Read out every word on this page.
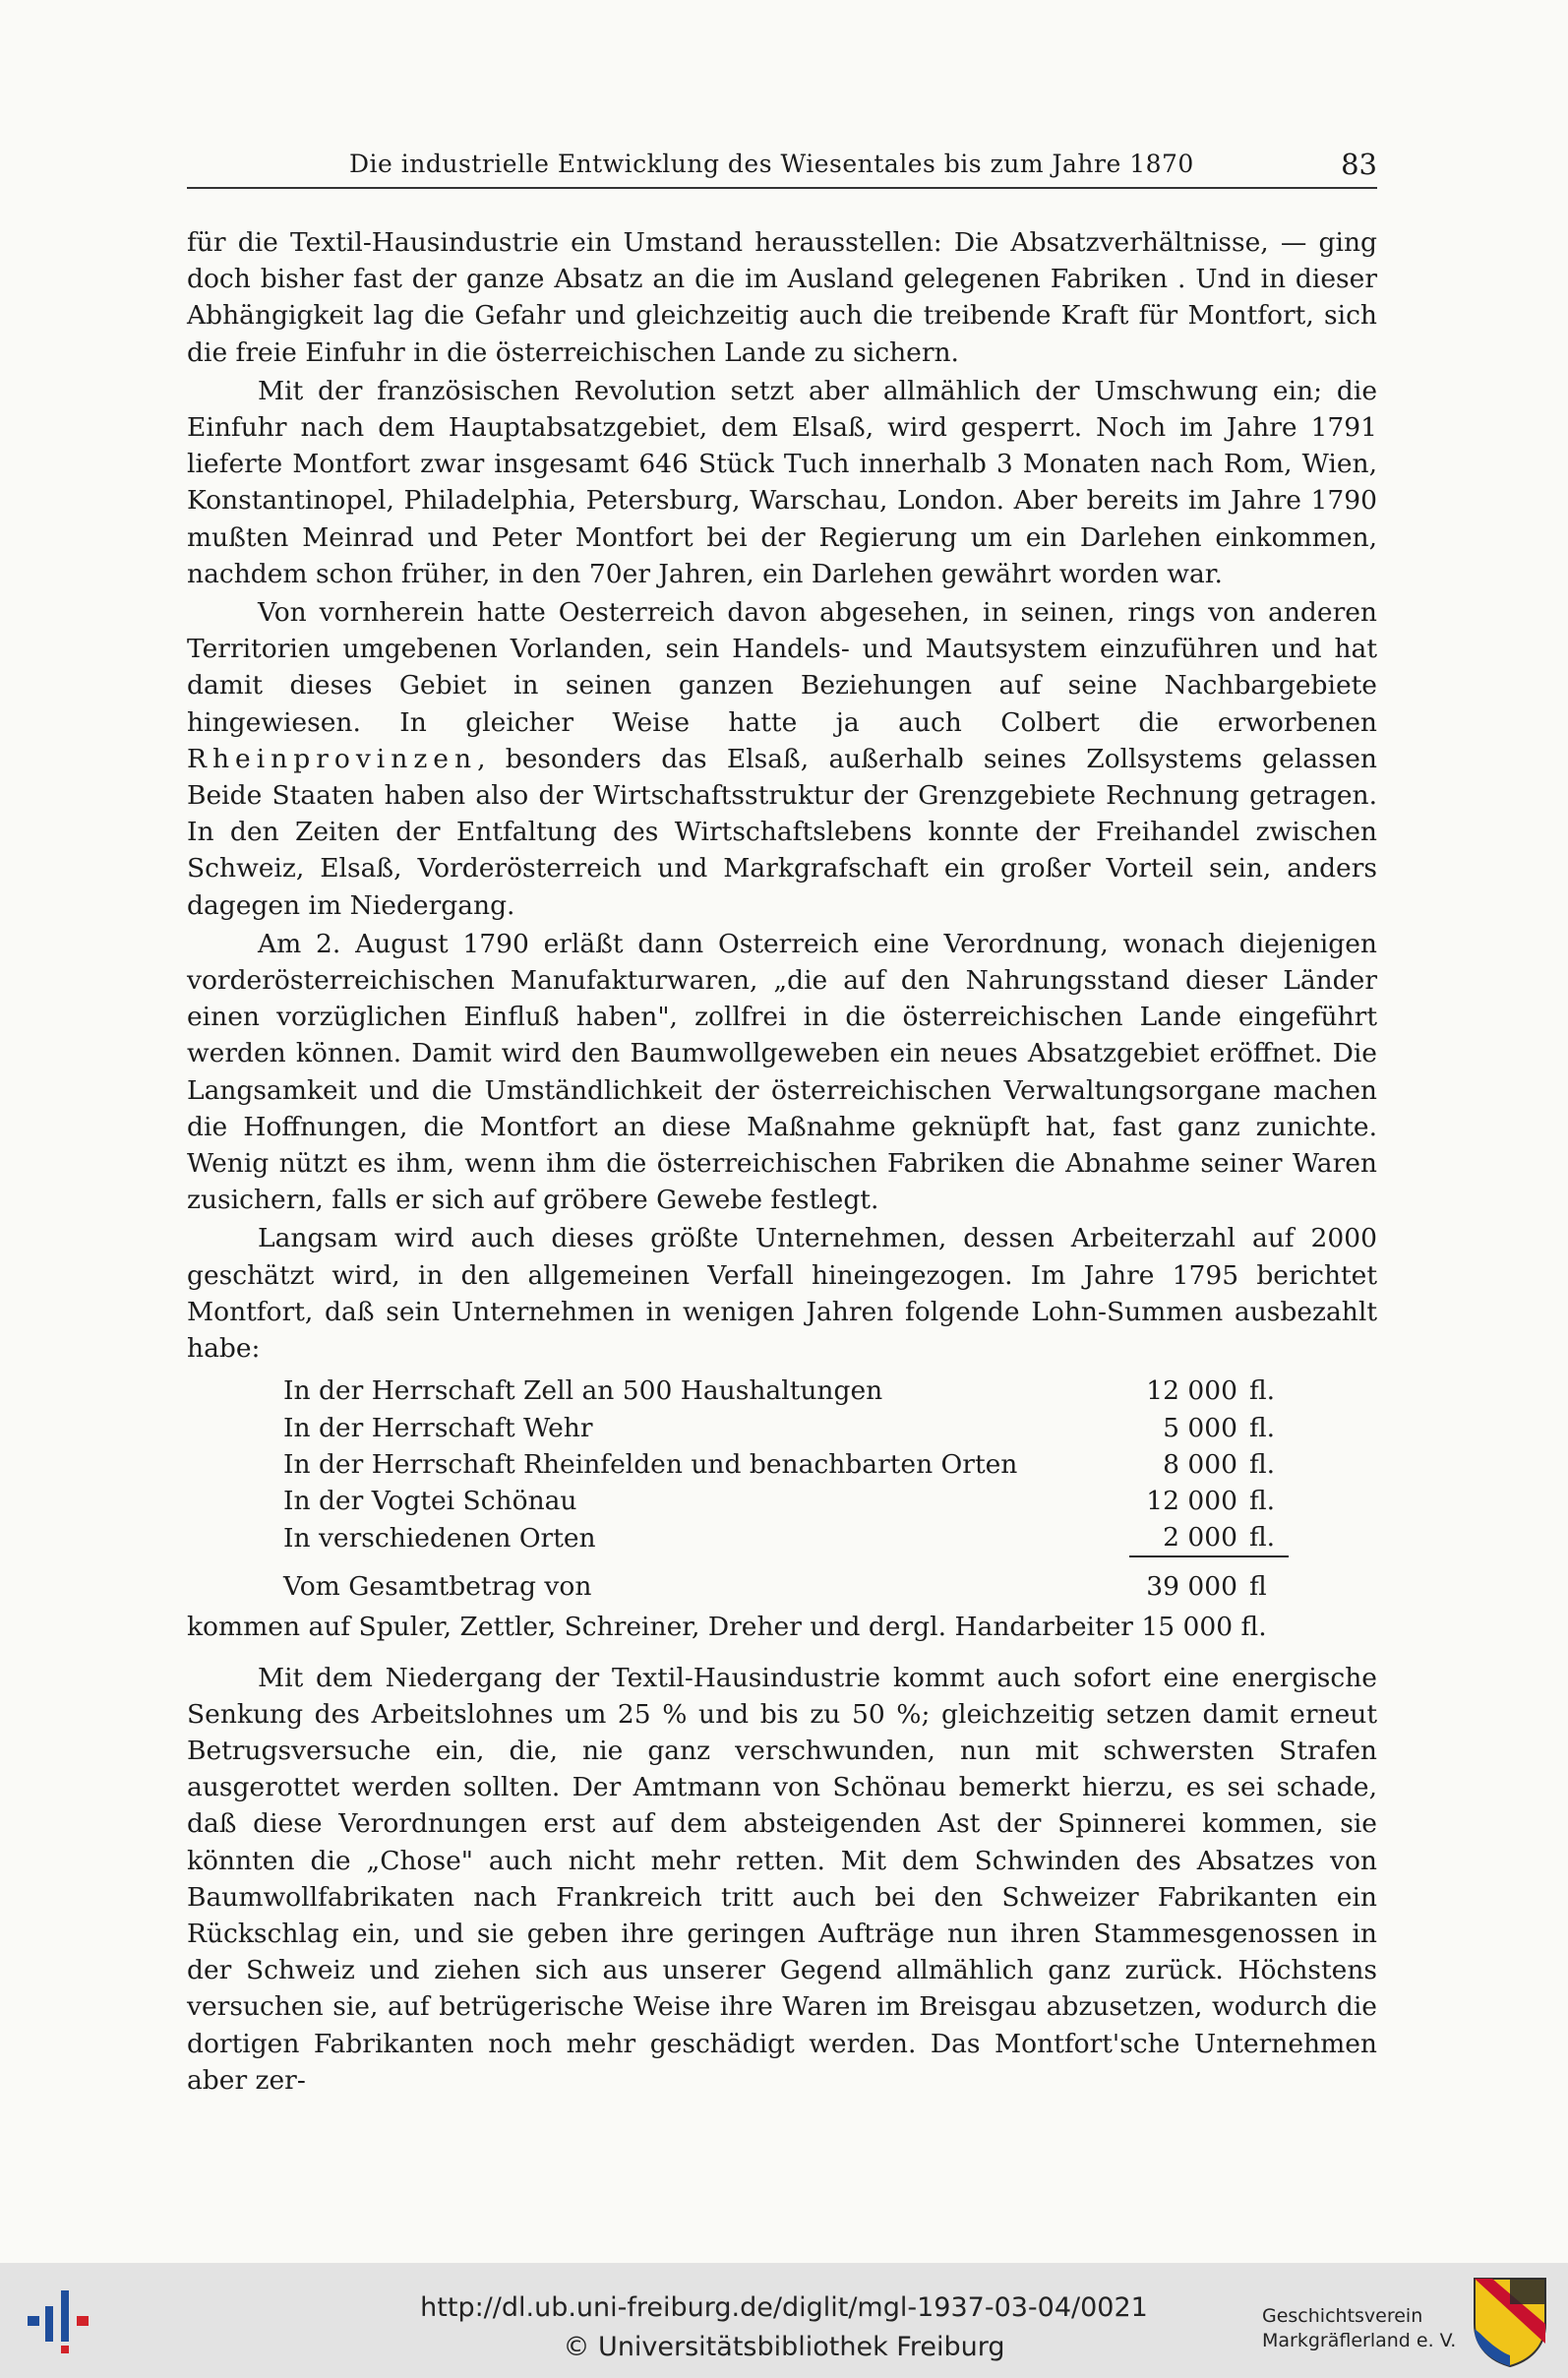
Die industrielle Entwicklung des Wiesentales bis zum Jahre 1870	83

für die Textil-Hausindustrie ein Umstand herausstellen: Die Absatzverhältnisse, — ging doch bisher fast der ganze Absatz an die im Ausland gelegenen Fabriken . Und in dieser Abhängigkeit lag die Gefahr und gleichzeitig auch die treibende Kraft für Montfort, sich die freie Einfuhr in die österreichischen Lande zu sichern.

Mit der französischen Revolution setzt aber allmählich der Umschwung ein; die Einfuhr nach dem Hauptabsatzgebiet, dem Elsaß, wird gesperrt. Noch im Jahre 1791 lieferte Montfort zwar insgesamt 646 Stück Tuch innerhalb 3 Monaten nach Rom, Wien, Konstantinopel, Philadelphia, Petersburg, Warschau, London. Aber bereits im Jahre 1790 mußten Meinrad und Peter Montfort bei der Regierung um ein Darlehen einkommen, nachdem schon früher, in den 70er Jahren, ein Darlehen gewährt worden war.

Von vornherein hatte Oesterreich davon abgesehen, in seinen, rings von anderen Territorien umgebenen Vorlanden, sein Handels- und Mautsystem einzuführen und hat damit dieses Gebiet in seinen ganzen Beziehungen auf seine Nachbargebiete hingewiesen. In gleicher Weise hatte ja auch Colbert die erworbenen Rheinprovinzen, besonders das Elsaß, außerhalb seines Zollsystems gelassen Beide Staaten haben also der Wirtschaftsstruktur der Grenzgebiete Rechnung getragen. In den Zeiten der Entfaltung des Wirtschaftslebens konnte der Freihandel zwischen Schweiz, Elsaß, Vorderösterreich und Markgrafschaft ein großer Vorteil sein, anders dagegen im Niedergang.

Am 2. August 1790 erläßt dann Osterreich eine Verordnung, wonach diejenigen vorderösterreichischen Manufakturwaren, „die auf den Nahrungsstand dieser Länder einen vorzüglichen Einfluß haben", zollfrei in die österreichischen Lande eingeführt werden können. Damit wird den Baumwollgeweben ein neues Absatzgebiet eröffnet. Die Langsamkeit und die Umständlichkeit der österreichischen Verwaltungsorgane machen die Hoffnungen, die Montfort an diese Maßnahme geknüpft hat, fast ganz zunichte. Wenig nützt es ihm, wenn ihm die österreichischen Fabriken die Abnahme seiner Waren zusichern, falls er sich auf gröbere Gewebe festlegt.

Langsam wird auch dieses größte Unternehmen, dessen Arbeiterzahl auf 2000 geschätzt wird, in den allgemeinen Verfall hineingezogen. Im Jahre 1795 berichtet Montfort, daß sein Unternehmen in wenigen Jahren folgende Lohn-Summen ausbezahlt habe:

In der Herrschaft Zell an 500 Haushaltungen	12 000	fl.
In der Herrschaft Wehr	5 000	fl.
In der Herrschaft Rheinfelden und benachbarten Orten	8 000	fl.
In der Vogtei Schönau	12 000	fl.
In verschiedenen Orten	2 000	fl.
Vom Gesamtbetrag von	39 000	fl

kommen auf Spuler, Zettler, Schreiner, Dreher und dergl. Handarbeiter 15 000 fl.

Mit dem Niedergang der Textil-Hausindustrie kommt auch sofort eine energische Senkung des Arbeitslohnes um 25 % und bis zu 50 %; gleichzeitig setzen damit erneut Betrugsversuche ein, die, nie ganz verschwunden, nun mit schwersten Strafen ausgerottet werden sollten. Der Amtmann von Schönau bemerkt hierzu, es sei schade, daß diese Verordnungen erst auf dem absteigenden Ast der Spinnerei kommen, sie könnten die „Chose" auch nicht mehr retten. Mit dem Schwinden des Absatzes von Baumwollfabrikaten nach Frankreich tritt auch bei den Schweizer Fabrikanten ein Rückschlag ein, und sie geben ihre geringen Aufträge nun ihren Stammesgenossen in der Schweiz und ziehen sich aus unserer Gegend allmählich ganz zurück. Höchstens versuchen sie, auf betrügerische Weise ihre Waren im Breisgau abzusetzen, wodurch die dortigen Fabrikanten noch mehr geschädigt werden. Das Montfort'sche Unternehmen aber zer-

http://dl.ub.uni-freiburg.de/diglit/mgl-1937-03-04/0021
© Universitätsbibliothek Freiburg
Geschichtsverein
Markgräflerland e. V.
